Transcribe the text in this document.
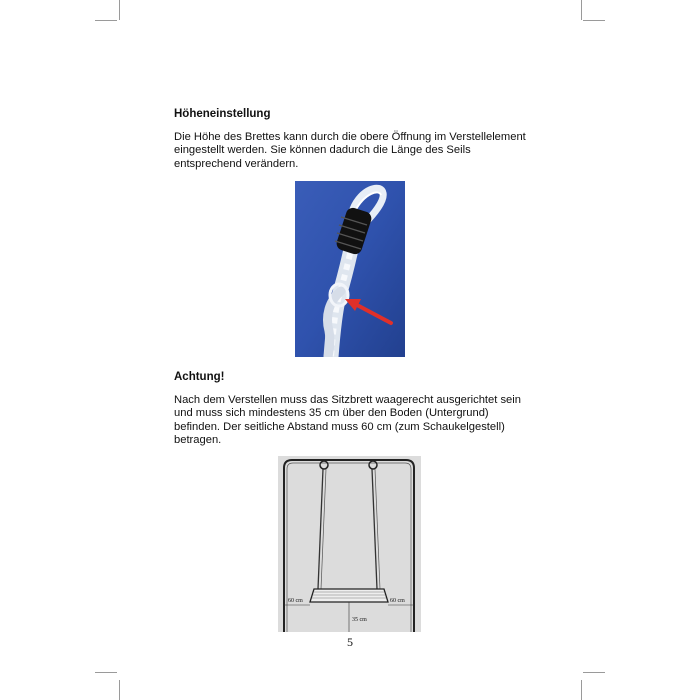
Höheneinstellung

Die Höhe des Brettes kann durch die obere Öffnung im Verstellelement

eingestellt werden. Sie können dadurch die Länge des Seils

entsprechend verändern.

Achtung!

Nach dem Verstellen muss das Sitzbrett waagerecht ausgerichtet sein

und muss sich mindestens 35 cm über den Boden (Untergrund)

befinden. Der seitliche Abstand muss 60 cm (zum Schaukelgestell)

betragen.

60 cm	60 cm
35 cm
5
